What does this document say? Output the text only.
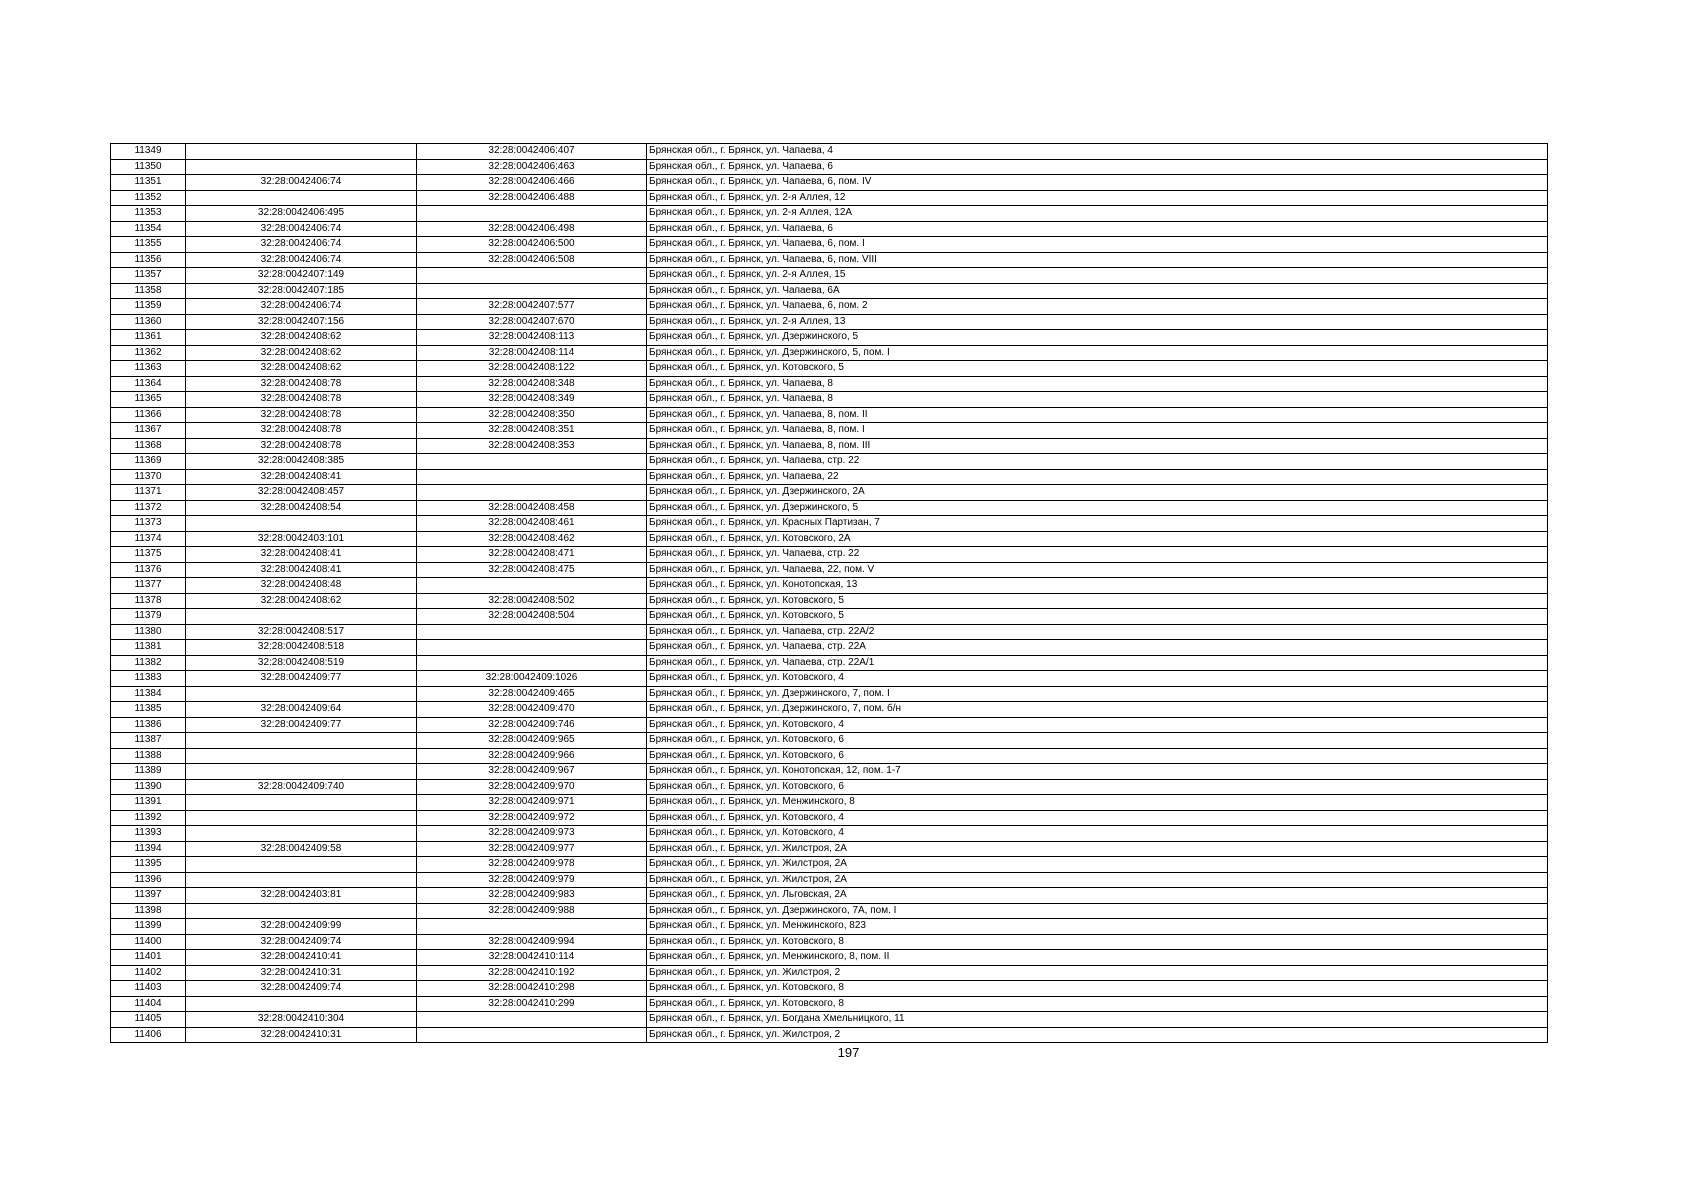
11349		32:28:0042406:407	Брянская обл., г. Брянск, ул. Чапаева, 4
11350		32:28:0042406:463	Брянская обл., г. Брянск, ул. Чапаева, 6
11351	32:28:0042406:74	32:28:0042406:466	Брянская обл., г. Брянск, ул. Чапаева, 6, пом. IV
11352		32:28:0042406:488	Брянская обл., г. Брянск, ул. 2-я Аллея, 12
11353	32:28:0042406:495		Брянская обл., г. Брянск, ул. 2-я Аллея, 12А
11354	32:28:0042406:74	32:28:0042406:498	Брянская обл., г. Брянск, ул. Чапаева, 6
11355	32:28:0042406:74	32:28:0042406:500	Брянская обл., г. Брянск, ул. Чапаева, 6, пом. I
11356	32:28:0042406:74	32:28:0042406:508	Брянская обл., г. Брянск, ул. Чапаева, 6, пом. VIII
11357	32:28:0042407:149		Брянская обл., г. Брянск, ул. 2-я Аллея, 15
11358	32:28:0042407:185		Брянская обл., г. Брянск, ул. Чапаева, 6А
11359	32:28:0042406:74	32:28:0042407:577	Брянская обл., г. Брянск, ул. Чапаева, 6, пом. 2
11360	32:28:0042407:156	32:28:0042407:670	Брянская обл., г. Брянск, ул. 2-я Аллея, 13
11361	32:28:0042408:62	32:28:0042408:113	Брянская обл., г. Брянск, ул. Дзержинского, 5
11362	32:28:0042408:62	32:28:0042408:114	Брянская обл., г. Брянск, ул. Дзержинского, 5, пом. I
11363	32:28:0042408:62	32:28:0042408:122	Брянская обл., г. Брянск, ул. Котовского, 5
11364	32:28:0042408:78	32:28:0042408:348	Брянская обл., г. Брянск, ул. Чапаева, 8
11365	32:28:0042408:78	32:28:0042408:349	Брянская обл., г. Брянск, ул. Чапаева, 8
11366	32:28:0042408:78	32:28:0042408:350	Брянская обл., г. Брянск, ул. Чапаева, 8, пом. II
11367	32:28:0042408:78	32:28:0042408:351	Брянская обл., г. Брянск, ул. Чапаева, 8, пом. I
11368	32:28:0042408:78	32:28:0042408:353	Брянская обл., г. Брянск, ул. Чапаева, 8, пом. III
11369	32:28:0042408:385		Брянская обл., г. Брянск, ул. Чапаева, стр. 22
11370	32:28:0042408:41		Брянская обл., г. Брянск, ул. Чапаева, 22
11371	32:28:0042408:457		Брянская обл., г. Брянск, ул. Дзержинского, 2А
11372	32:28:0042408:54	32:28:0042408:458	Брянская обл., г. Брянск, ул. Дзержинского, 5
11373		32:28:0042408:461	Брянская обл., г. Брянск, ул. Красных Партизан, 7
11374	32:28:0042403:101	32:28:0042408:462	Брянская обл., г. Брянск, ул. Котовского, 2А
11375	32:28:0042408:41	32:28:0042408:471	Брянская обл., г. Брянск, ул. Чапаева, стр. 22
11376	32:28:0042408:41	32:28:0042408:475	Брянская обл., г. Брянск, ул. Чапаева, 22, пом. V
11377	32:28:0042408:48		Брянская обл., г. Брянск, ул. Конотопская, 13
11378	32:28:0042408:62	32:28:0042408:502	Брянская обл., г. Брянск, ул. Котовского, 5
11379		32:28:0042408:504	Брянская обл., г. Брянск, ул. Котовского, 5
11380	32:28:0042408:517		Брянская обл., г. Брянск, ул. Чапаева, стр. 22А/2
11381	32:28:0042408:518		Брянская обл., г. Брянск, ул. Чапаева, стр. 22А
11382	32:28:0042408:519		Брянская обл., г. Брянск, ул. Чапаева, стр. 22А/1
11383	32:28:0042409:77	32:28:0042409:1026	Брянская обл., г. Брянск, ул. Котовского, 4
11384		32:28:0042409:465	Брянская обл., г. Брянск, ул. Дзержинского, 7, пом. I
11385	32:28:0042409:64	32:28:0042409:470	Брянская обл., г. Брянск, ул. Дзержинского, 7, пом. б/н
11386	32:28:0042409:77	32:28:0042409:746	Брянская обл., г. Брянск, ул. Котовского, 4
11387		32:28:0042409:965	Брянская обл., г. Брянск, ул. Котовского, 6
11388		32:28:0042409:966	Брянская обл., г. Брянск, ул. Котовского, 6
11389		32:28:0042409:967	Брянская обл., г. Брянск, ул. Конотопская, 12, пом. 1-7
11390	32:28:0042409:740	32:28:0042409:970	Брянская обл., г. Брянск, ул. Котовского, 6
11391		32:28:0042409:971	Брянская обл., г. Брянск, ул. Менжинского, 8
11392		32:28:0042409:972	Брянская обл., г. Брянск, ул. Котовского, 4
11393		32:28:0042409:973	Брянская обл., г. Брянск, ул. Котовского, 4
11394	32:28:0042409:58	32:28:0042409:977	Брянская обл., г. Брянск, ул. Жилстроя, 2А
11395		32:28:0042409:978	Брянская обл., г. Брянск, ул. Жилстроя, 2А
11396		32:28:0042409:979	Брянская обл., г. Брянск, ул. Жилстроя, 2А
11397	32:28:0042403:81	32:28:0042409:983	Брянская обл., г. Брянск, ул. Льговская, 2А
11398		32:28:0042409:988	Брянская обл., г. Брянск, ул. Дзержинского, 7А, пом. I
11399	32:28:0042409:99		Брянская обл., г. Брянск, ул. Менжинского, 823
11400	32:28:0042409:74	32:28:0042409:994	Брянская обл., г. Брянск, ул. Котовского, 8
11401	32:28:0042410:41	32:28:0042410:114	Брянская обл., г. Брянск, ул. Менжинского, 8, пом. II
11402	32:28:0042410:31	32:28:0042410:192	Брянская обл., г. Брянск, ул. Жилстроя, 2
11403	32:28:0042409:74	32:28:0042410:298	Брянская обл., г. Брянск, ул. Котовского, 8
11404		32:28:0042410:299	Брянская обл., г. Брянск, ул. Котовского, 8
11405	32:28:0042410:304		Брянская обл., г. Брянск, ул. Богдана Хмельницкого, 11
11406	32:28:0042410:31		Брянская обл., г. Брянск, ул. Жилстроя, 2
197
